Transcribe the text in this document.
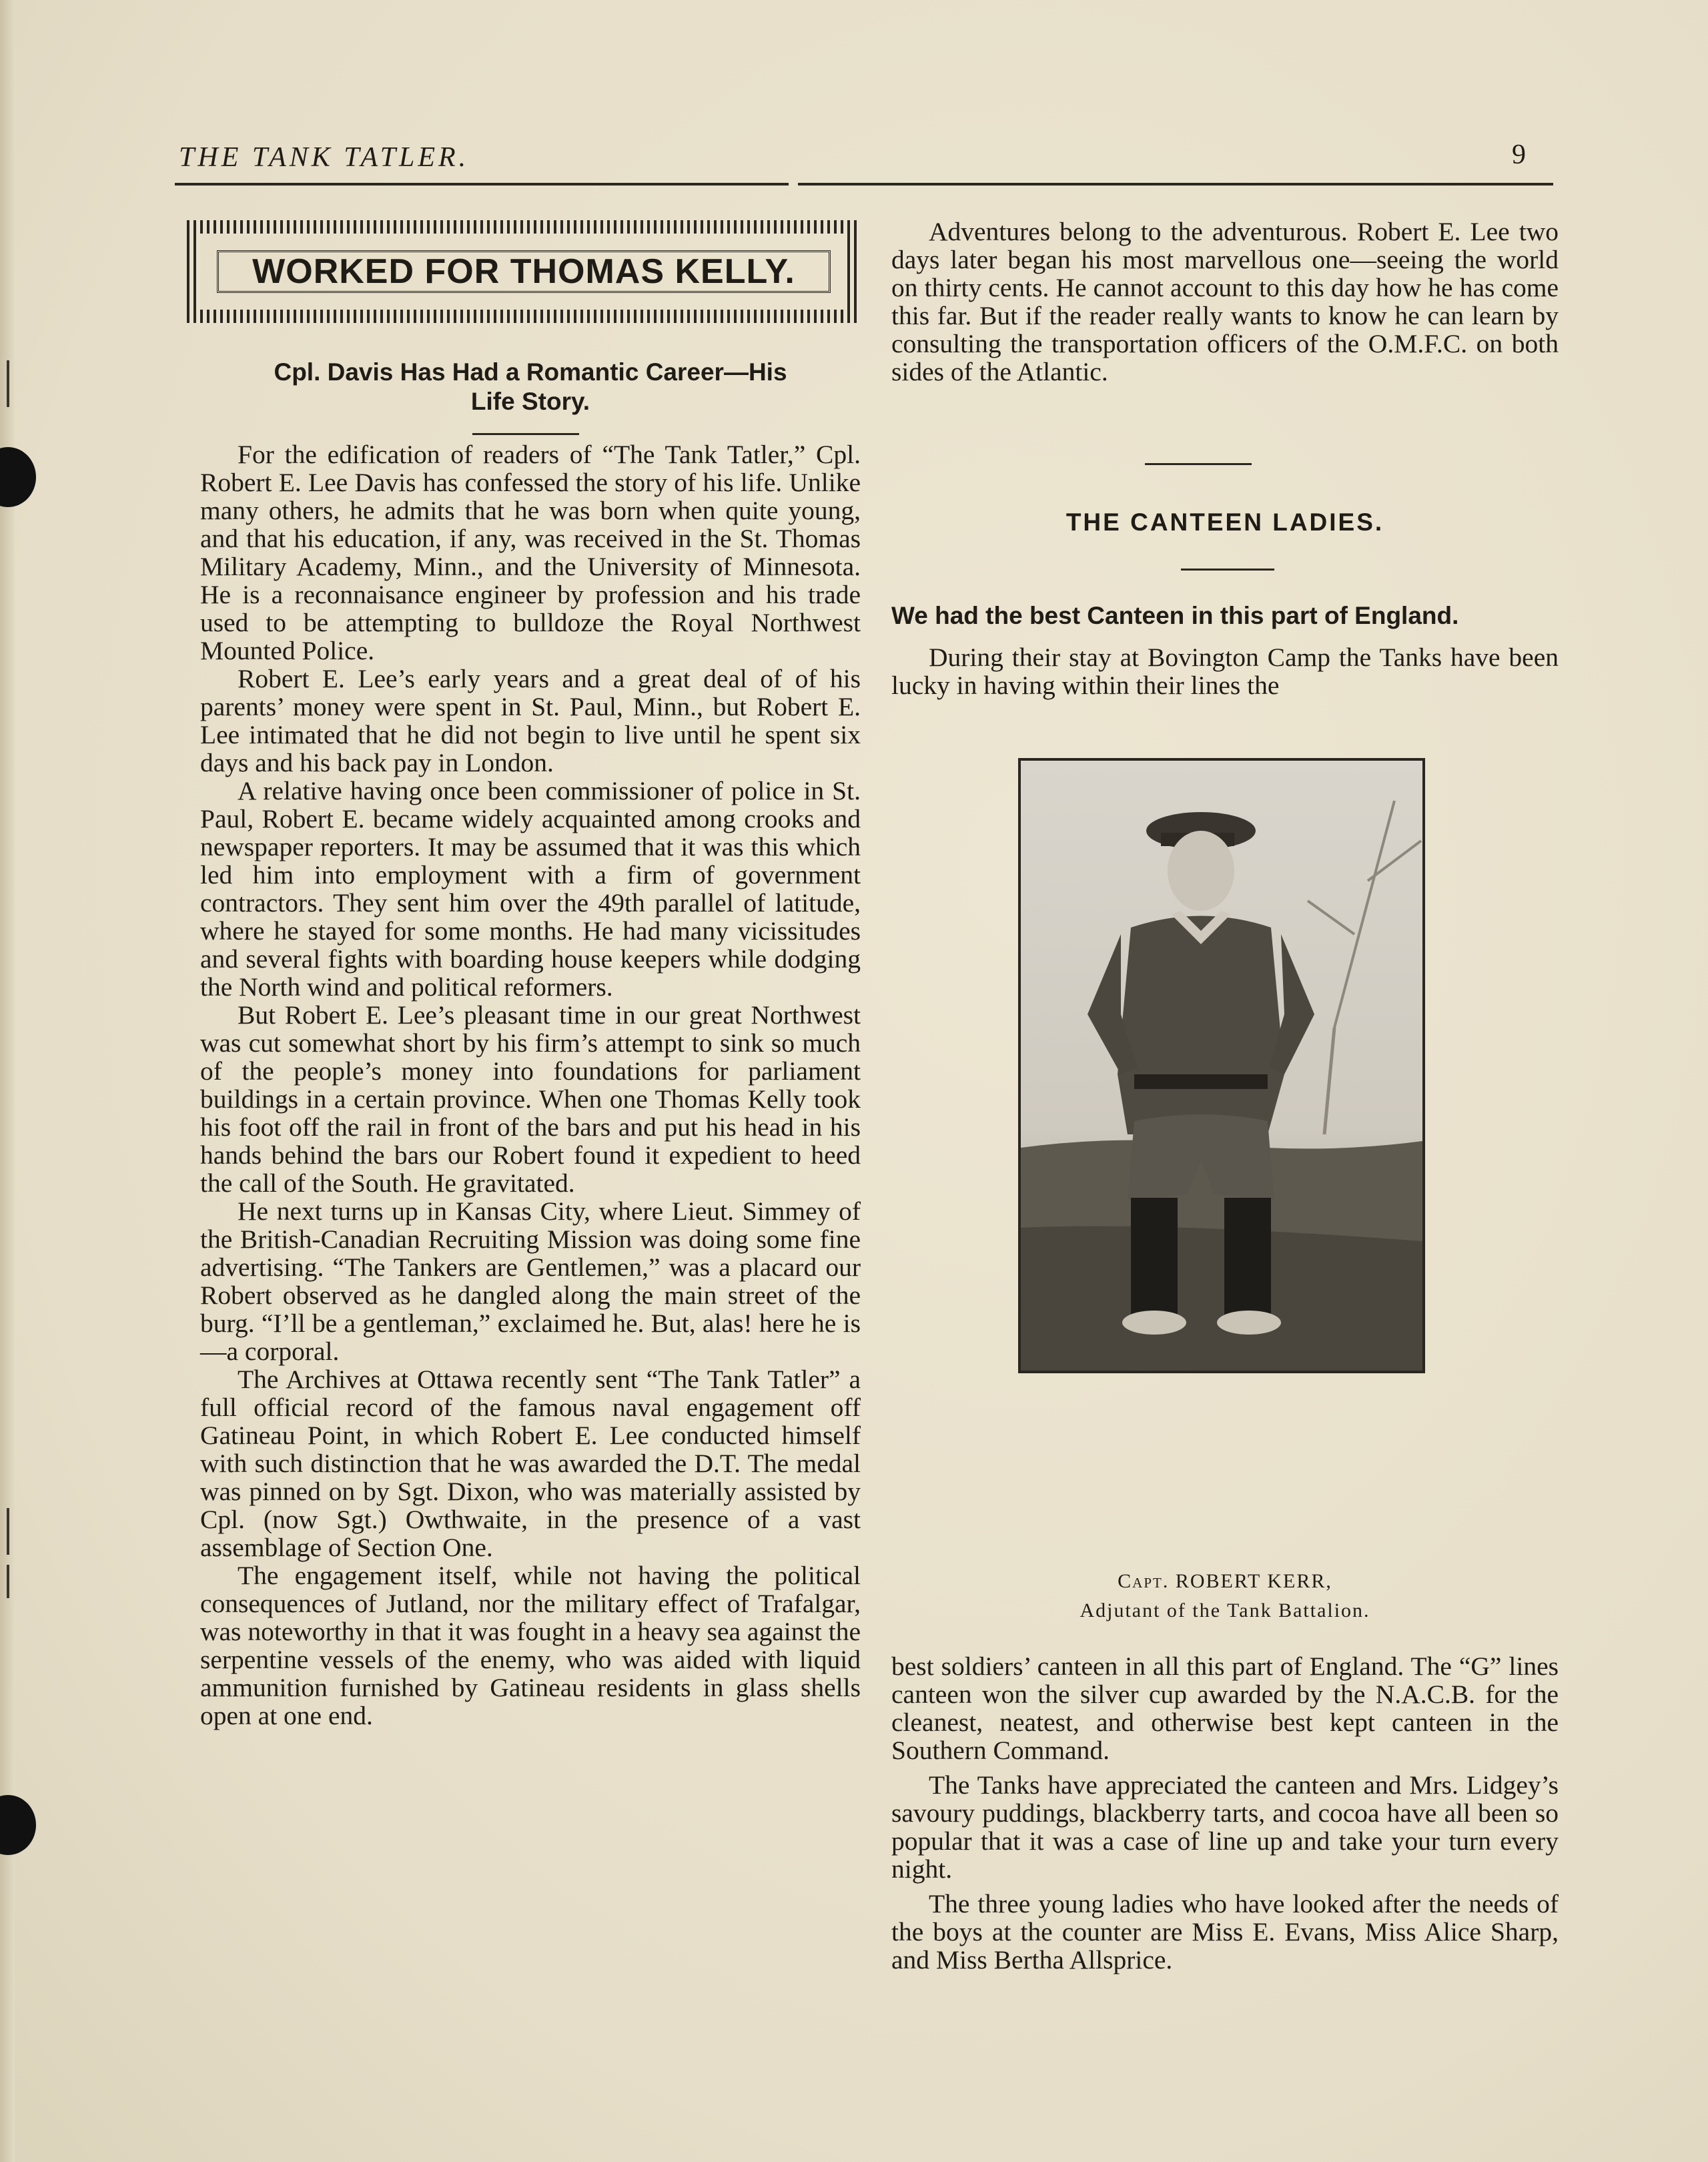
THE TANK TATLER.	9
WORKED FOR THOMAS KELLY.
Cpl. Davis Has Had a Romantic Career—His
Life Story.

For the edification of readers of “The Tank Tatler,” Cpl. Robert E. Lee Davis has confessed the story of his life. Unlike many others, he admits that he was born when quite young, and that his education, if any, was received in the St. Thomas Military Academy, Minn., and the University of Minnesota. He is a reconnaisance engineer by profession and his trade used to be attempting to bulldoze the Royal Northwest Mounted Police.

Robert E. Lee’s early years and a great deal of of his parents’ money were spent in St. Paul, Minn., but Robert E. Lee intimated that he did not begin to live until he spent six days and his back pay in London.

A relative having once been commissioner of police in St. Paul, Robert E. became widely acquainted among crooks and newspaper reporters. It may be assumed that it was this which led him into employment with a firm of government contractors. They sent him over the 49th parallel of latitude, where he stayed for some months. He had many vicissitudes and several fights with boarding house keepers while dodging the North wind and political reformers.

But Robert E. Lee’s pleasant time in our great Northwest was cut somewhat short by his firm’s attempt to sink so much of the people’s money into foundations for parliament buildings in a certain province. When one Thomas Kelly took his foot off the rail in front of the bars and put his head in his hands behind the bars our Robert found it expedient to heed the call of the South. He gravitated.

He next turns up in Kansas City, where Lieut. Simmey of the British-Canadian Recruiting Mission was doing some fine advertising. “The Tankers are Gentlemen,” was a placard our Robert observed as he dangled along the main street of the burg. “I’ll be a gentleman,” exclaimed he. But, alas! here he is—a corporal.

The Archives at Ottawa recently sent “The Tank Tatler” a full official record of the famous naval engagement off Gatineau Point, in which Robert E. Lee conducted himself with such distinction that he was awarded the D.T. The medal was pinned on by Sgt. Dixon, who was materially assisted by Cpl. (now Sgt.) Owthwaite, in the presence of a vast assemblage of Section One.

The engagement itself, while not having the political consequences of Jutland, nor the military effect of Trafalgar, was noteworthy in that it was fought in a heavy sea against the serpentine vessels of the enemy, who was aided with liquid ammunition furnished by Gatineau residents in glass shells open at one end.

Adventures belong to the adventurous. Robert E. Lee two days later began his most marvellous one—seeing the world on thirty cents. He cannot account to this day how he has come this far. But if the reader really wants to know he can learn by consulting the transportation officers of the O.M.F.C. on both sides of the Atlantic.

THE CANTEEN LADIES.
We had the best Canteen in this part of England.

During their stay at Bovington Camp the Tanks have been lucky in having within their lines the

Capt. ROBERT KERR,
Adjutant of the Tank Battalion.

best soldiers’ canteen in all this part of England. The “G” lines canteen won the silver cup awarded by the N.A.C.B. for the cleanest, neatest, and otherwise best kept canteen in the Southern Command.

The Tanks have appreciated the canteen and Mrs. Lidgey’s savoury puddings, blackberry tarts, and cocoa have all been so popular that it was a case of line up and take your turn every night.

The three young ladies who have looked after the needs of the boys at the counter are Miss E. Evans, Miss Alice Sharp, and Miss Bertha Allsprice.
